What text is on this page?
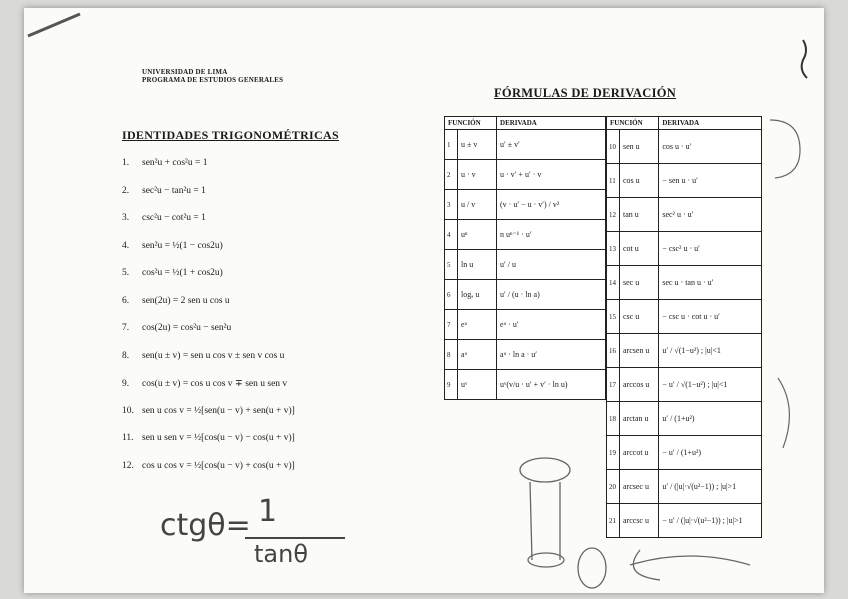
UNIVERSIDAD DE LIMA
PROGRAMA DE ESTUDIOS GENERALES
IDENTIDADES TRIGONOMÉTRICAS
1. sen²u + cos²u = 1
2. sec²u − tan²u = 1
3. csc²u − cot²u = 1
4. sen²u = ½(1 − cos2u)
5. cos²u = ½(1 + cos2u)
6. sen(2u) = 2 sen u cos u
7. cos(2u) = cos²u − sen²u
8. sen(u ± v) = sen u cos v ± sen v cos u
9. cos(u ± v) = cos u cos v ∓ sen u sen v
10. sen u cos v = ½[sen(u − v) + sen(u + v)]
11. sen u sen v = ½[cos(u − v) − cos(u + v)]
12. cos u cos v = ½[cos(u − v) + cos(u + v)]
FÓRMULAS DE DERIVACIÓN
FUNCIÓN		DERIVADA
1	u ± v	u′ ± v′
2	u · v	u · v′ + u′ · v
3	u / v	(v · u′ − u · v′) / v²
4	uⁿ	n uⁿ⁻¹ · u′
5	ln u	u′ / u
6	logₐ u	u′ / (u · ln a)
7	eᵘ	eᵘ · u′
8	aᵘ	aᵘ · ln a · u′
9	uᵛ	uᵛ(v/u · u′ + v′ · ln u)
FUNCIÓN		DERIVADA
10	sen u	cos u · u′
11	cos u	− sen u · u′
12	tan u	sec² u · u′
13	cot u	− csc² u · u′
14	sec u	sec u · tan u · u′
15	csc u	− csc u · cot u · u′
16	arcsen u	u′ / √(1−u²) ; |u|<1
17	arccos u	− u′ / √(1−u²) ; |u|<1
18	arctan u	u′ / (1+u²)
19	arccot u	− u′ / (1+u²)
20	arcsec u	u′ / (|u|·√(u²−1)) ; |u|>1
21	arccsc u	− u′ / (|u|·√(u²−1)) ; |u|>1
ctgθ= 1
tanθ
